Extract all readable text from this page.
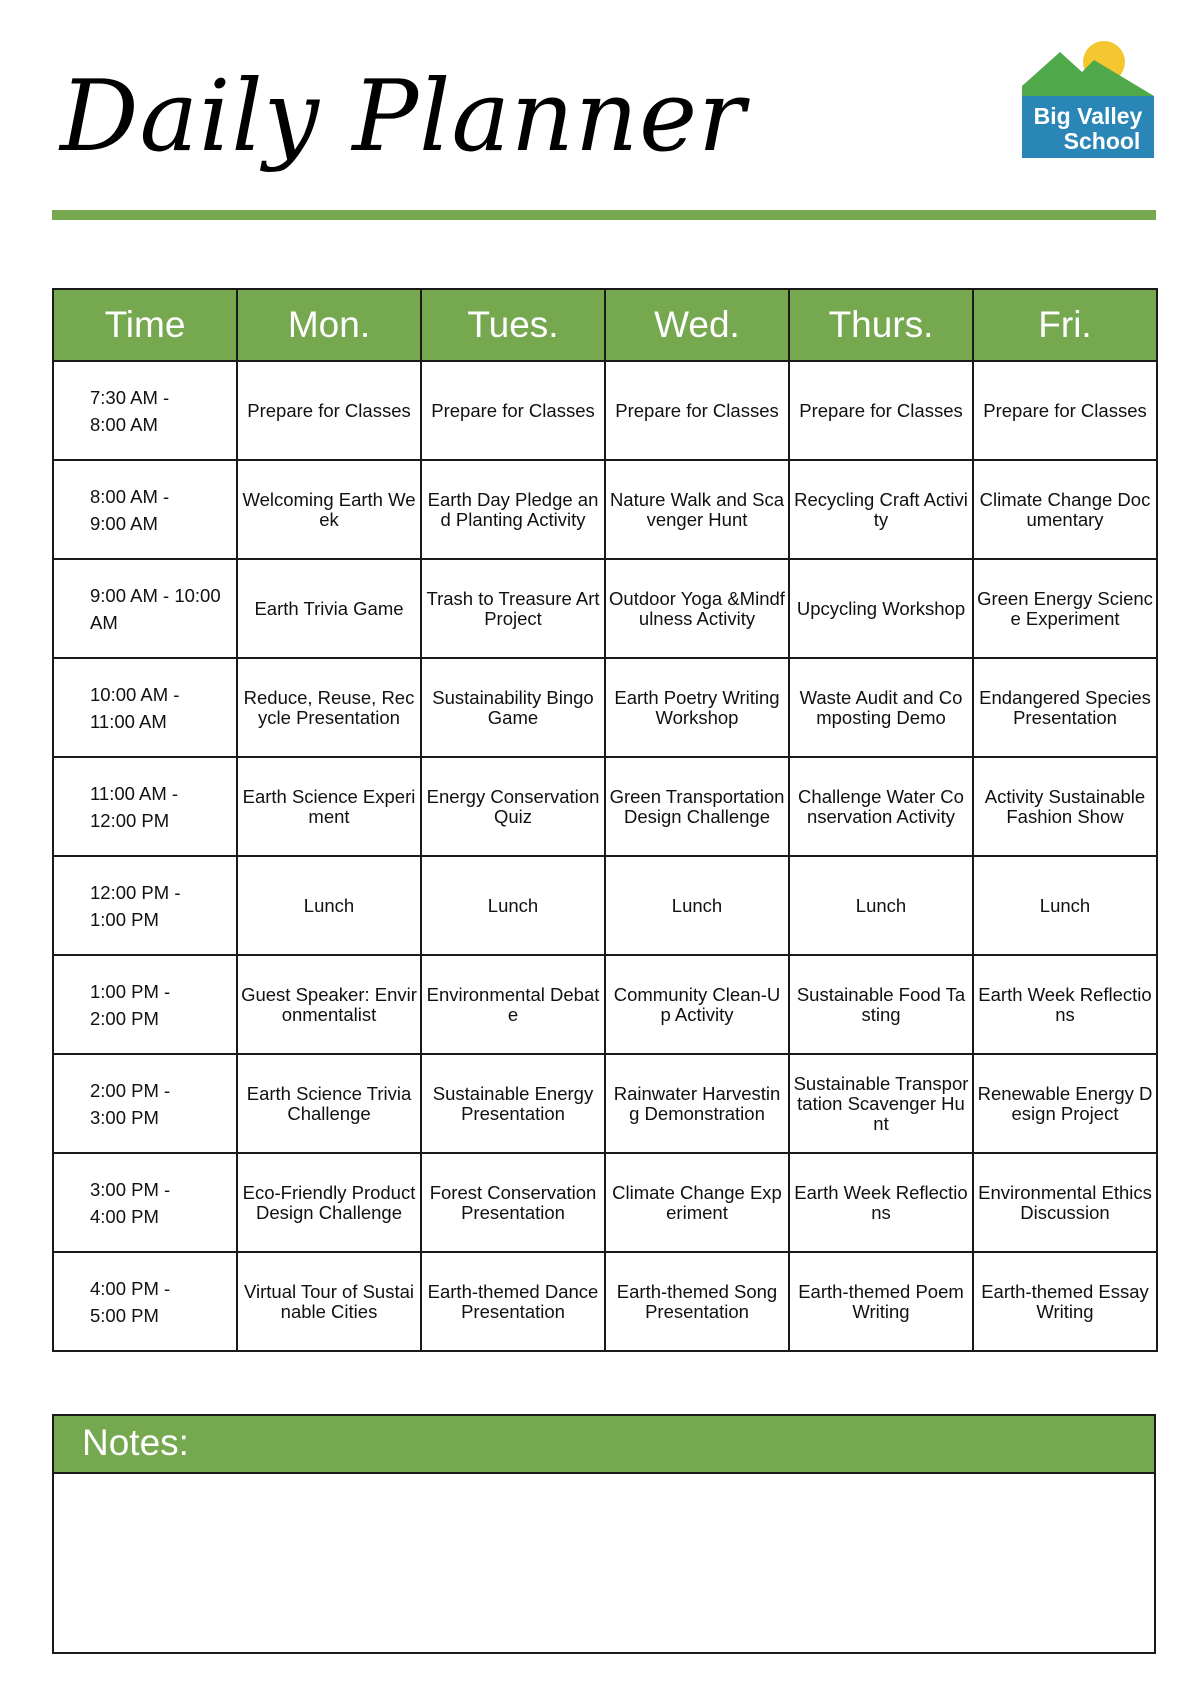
Daily Planner	Big Valley
School
Time	Mon.	Tues.	Wed.	Thurs.	Fri.

7:30 AM -
8:00 AM	Prepare for Classes	Prepare for Classes	Prepare for Classes	Prepare for Classes	Prepare for Classes

8:00 AM -
9:00 AM	Welcoming Earth Week	Earth Day Pledge and Planting Activity	Nature Walk and Scavenger Hunt	Recycling Craft Activity	Climate Change Documentary

9:00 AM - 10:00 AM	Earth Trivia Game	Trash to Treasure Art Project	Outdoor Yoga &Mindfulness Activity	Upcycling Workshop	Green Energy Science Experiment

10:00 AM -
11:00 AM	Reduce, Reuse, Recycle Presentation	Sustainability Bingo Game	Earth Poetry Writing Workshop	Waste Audit and Composting Demo	Endangered Species Presentation

11:00 AM -
12:00 PM	Earth Science Experiment	Energy Conservation Quiz	Green Transportation Design Challenge	Challenge Water Conservation Activity	Activity Sustainable Fashion Show

12:00 PM -
1:00 PM	Lunch	Lunch	Lunch	Lunch	Lunch

1:00 PM -
2:00 PM	Guest Speaker: Environmentalist	Environmental Debate	Community Clean-Up Activity	Sustainable Food Tasting	Earth Week Reflections

2:00 PM -
3:00 PM	Earth Science Trivia Challenge	Sustainable Energy Presentation	Rainwater Harvesting Demonstration	Sustainable Transportation Scavenger Hunt	Renewable Energy Design Project

3:00 PM -
4:00 PM	Eco-Friendly Product Design Challenge	Forest Conservation Presentation	Climate Change Experiment	Earth Week Reflections	Environmental Ethics Discussion

4:00 PM -
5:00 PM	Virtual Tour of Sustainable Cities	Earth-themed Dance Presentation	Earth-themed Song Presentation	Earth-themed Poem Writing	Earth-themed Essay Writing
Notes:
